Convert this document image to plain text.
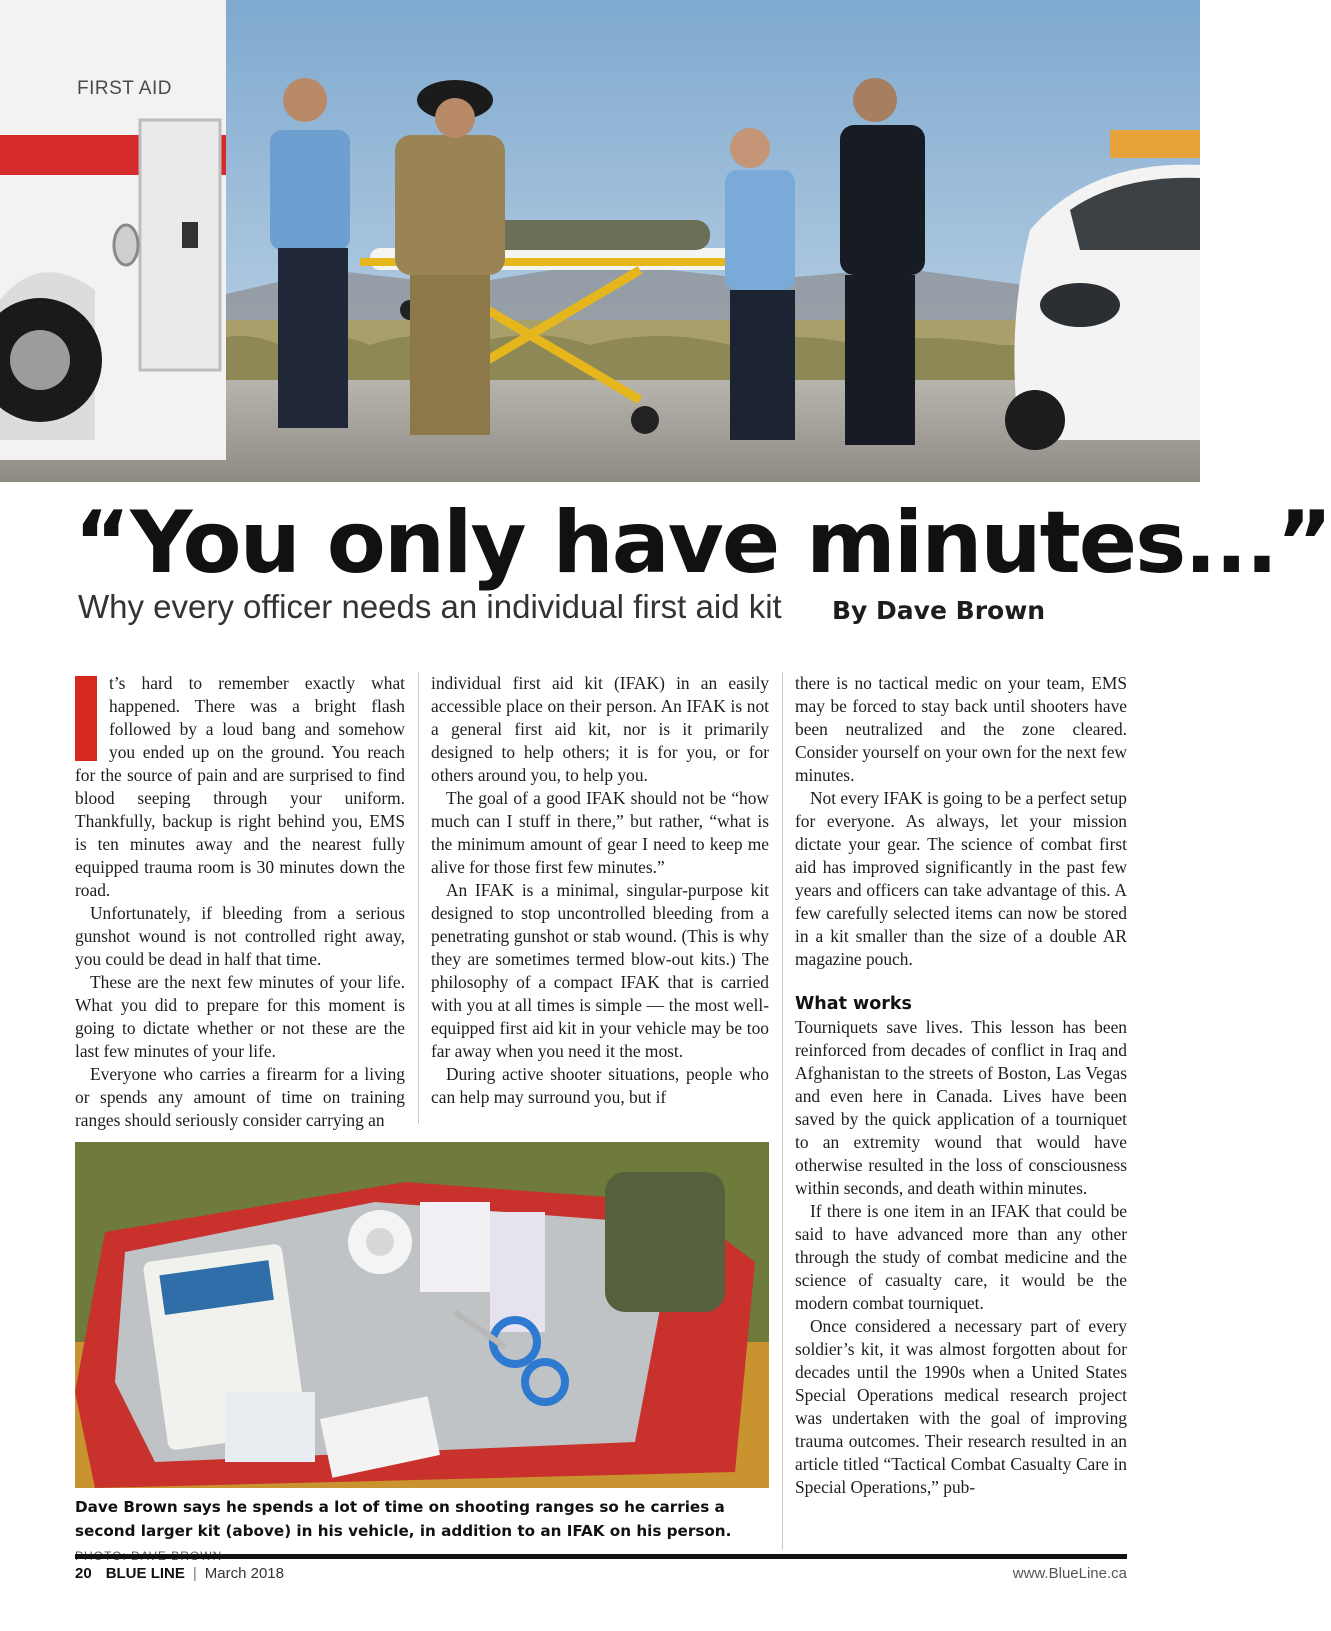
FIRST AID
“You only have minutes...”
Why every officer needs an individual first aid kit By Dave Brown

t’s hard to remember exactly what happened. There was a bright flash followed by a loud bang and somehow you ended up on the ground. You reach for the source of pain and are surprised to find blood seeping through your uniform. Thankfully, backup is right behind you, EMS is ten minutes away and the nearest fully equipped trauma room is 30 minutes down the road.

Unfortunately, if bleeding from a serious gunshot wound is not controlled right away, you could be dead in half that time.

These are the next few minutes of your life. What you did to prepare for this moment is going to dictate whether or not these are the last few minutes of your life.

Everyone who carries a firearm for a living or spends any amount of time on training ranges should seriously consider carrying an

individual first aid kit (IFAK) in an easily accessible place on their person. An IFAK is not a general first aid kit, nor is it primarily designed to help others; it is for you, or for others around you, to help you.

The goal of a good IFAK should not be “how much can I stuff in there,” but rather, “what is the minimum amount of gear I need to keep me alive for those first few minutes.”

An IFAK is a minimal, singular-purpose kit designed to stop uncontrolled bleeding from a penetrating gunshot or stab wound. (This is why they are sometimes termed blow-out kits.) The philosophy of a compact IFAK that is carried with you at all times is simple — the most well-equipped first aid kit in your vehicle may be too far away when you need it the most.

During active shooter situations, people who can help may surround you, but if

there is no tactical medic on your team, EMS may be forced to stay back until shooters have been neutralized and the zone cleared. Consider yourself on your own for the next few minutes.

Not every IFAK is going to be a perfect setup for everyone. As always, let your mission dictate your gear. The science of combat first aid has improved significantly in the past few years and officers can take advantage of this. A few carefully selected items can now be stored in a kit smaller than the size of a double AR magazine pouch.

What works

Tourniquets save lives. This lesson has been reinforced from decades of conflict in Iraq and Afghanistan to the streets of Boston, Las Vegas and even here in Canada. Lives have been saved by the quick application of a tourniquet to an extremity wound that would have otherwise resulted in the loss of consciousness within seconds, and death within minutes.

If there is one item in an IFAK that could be said to have advanced more than any other through the study of combat medicine and the science of casualty care, it would be the modern combat tourniquet.

Once considered a necessary part of every soldier’s kit, it was almost forgotten about for decades until the 1990s when a United States Special Operations medical research project was undertaken with the goal of improving trauma outcomes. Their research resulted in an article titled “Tactical Combat Casualty Care in Special Operations,” pub-

Dave Brown says he spends a lot of time on shooting ranges so he carries a second larger kit (above) in his vehicle, in addition to an IFAK on his person.
20 BLUE LINE | March 2018	www.BlueLine.ca
